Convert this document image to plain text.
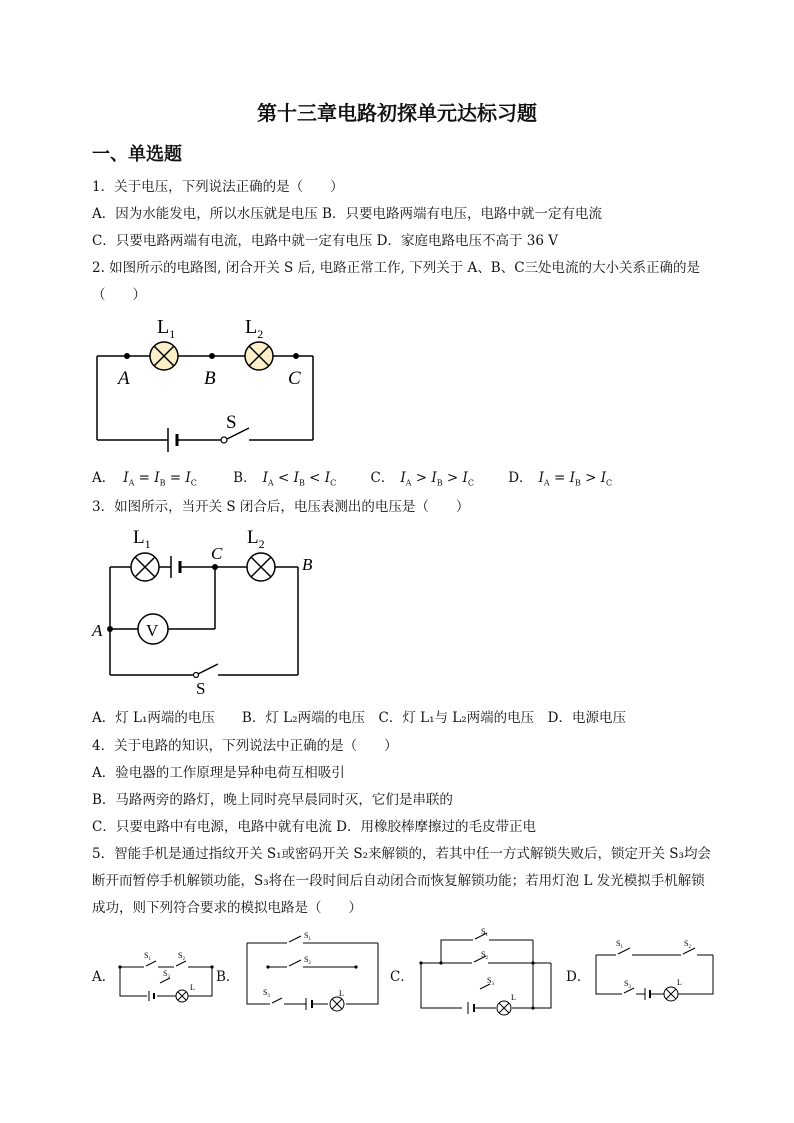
第十三章电路初探单元达标习题
一、单选题
1．关于电压，下列说法正确的是（　　）
A．因为水能发电，所以水压就是电压 B．只要电路两端有电压，电路中就一定有电流
C．只要电路两端有电流，电路中就一定有电压 D．家庭电路电压不高于 36 V
2. 如图所示的电路图, 闭合开关 S 后, 电路正常工作, 下列关于 A、B、C三处电流的大小关系正确的是
（　　）
$L_1$	$L_2$
A	B	C
S
A． $I_A = I_B = I_C$	B． $I_A < I_B < I_C$	C． $I_A > I_B > I_C$	D． $I_A = I_B > I_C$
3．如图所示，当开关 S 闭合后，电压表测出的电压是（　　）
V
$L_1$	$L_2$
C
B
A
S
A．灯 L₁两端的电压　　B．灯 L₂两端的电压　C．灯 L₁与 L₂两端的电压　D．电源电压
4．关于电路的知识，下列说法中正确的是（　　）
A．验电器的工作原理是异种电荷互相吸引
B．马路两旁的路灯，晚上同时亮早晨同时灭，它们是串联的
C．只要电路中有电源，电路中就有电流 D．用橡胶棒摩擦过的毛皮带正电
5．智能手机是通过指纹开关 S₁或密码开关 S₂来解锁的，若其中任一方式解锁失败后，锁定开关 S₃均会
断开而暂停手机解锁功能，S₃将在一段时间后自动闭合而恢复解锁功能；若用灯泡 L 发光模拟手机解锁
成功，则下列符合要求的模拟电路是（　　）
A．	B．	C．	D．
$S_1$	$S_2$
$S_3$
L
$S_1$
$S_2$
$S_3$	L
$S_1$
$S_2$
$S_3$
L
$S_1$	$S_2$
$S_3$
L
